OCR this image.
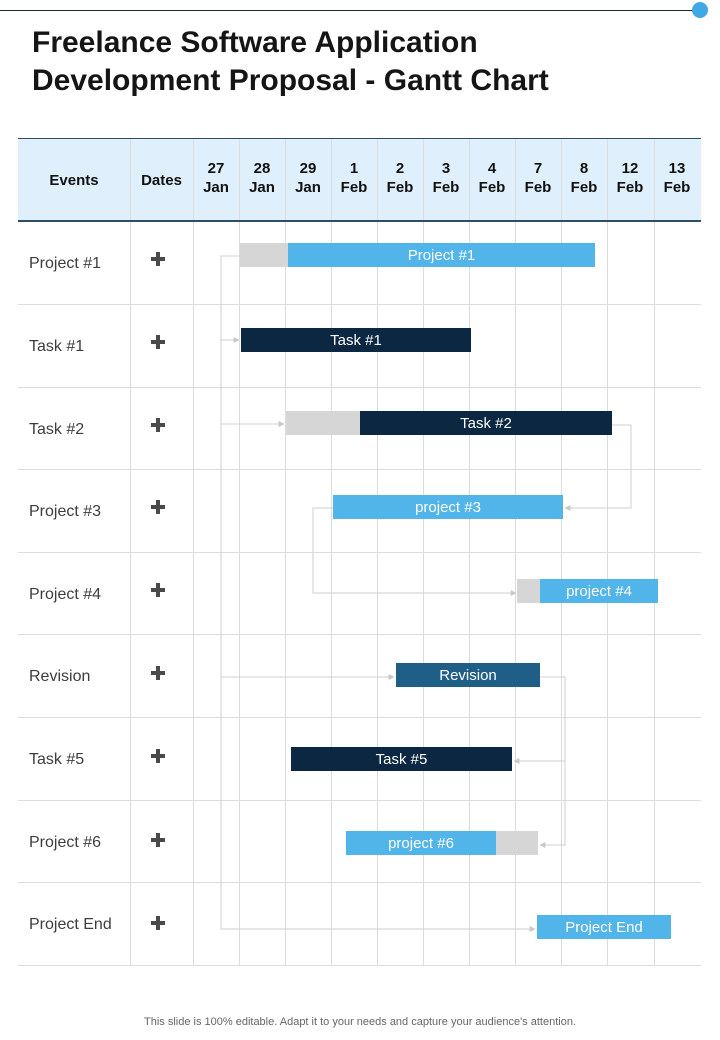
Freelance Software Application Development Proposal - Gantt Chart
Events	Dates
27
Jan
28
Jan
29
Jan
1
Feb
2
Feb
3
Feb
4
Feb
7
Feb
8
Feb
12
Feb
13
Feb
Project #1
Task #1
Task #2
Project #3
Project #4
Revision
Task #5
Project #6
Project End
Project #1
Task #1
Task #2
project #3
project #4
Revision
Task #5
project #6
Project End
This slide is 100% editable. Adapt it to your needs and capture your audience's attention.
